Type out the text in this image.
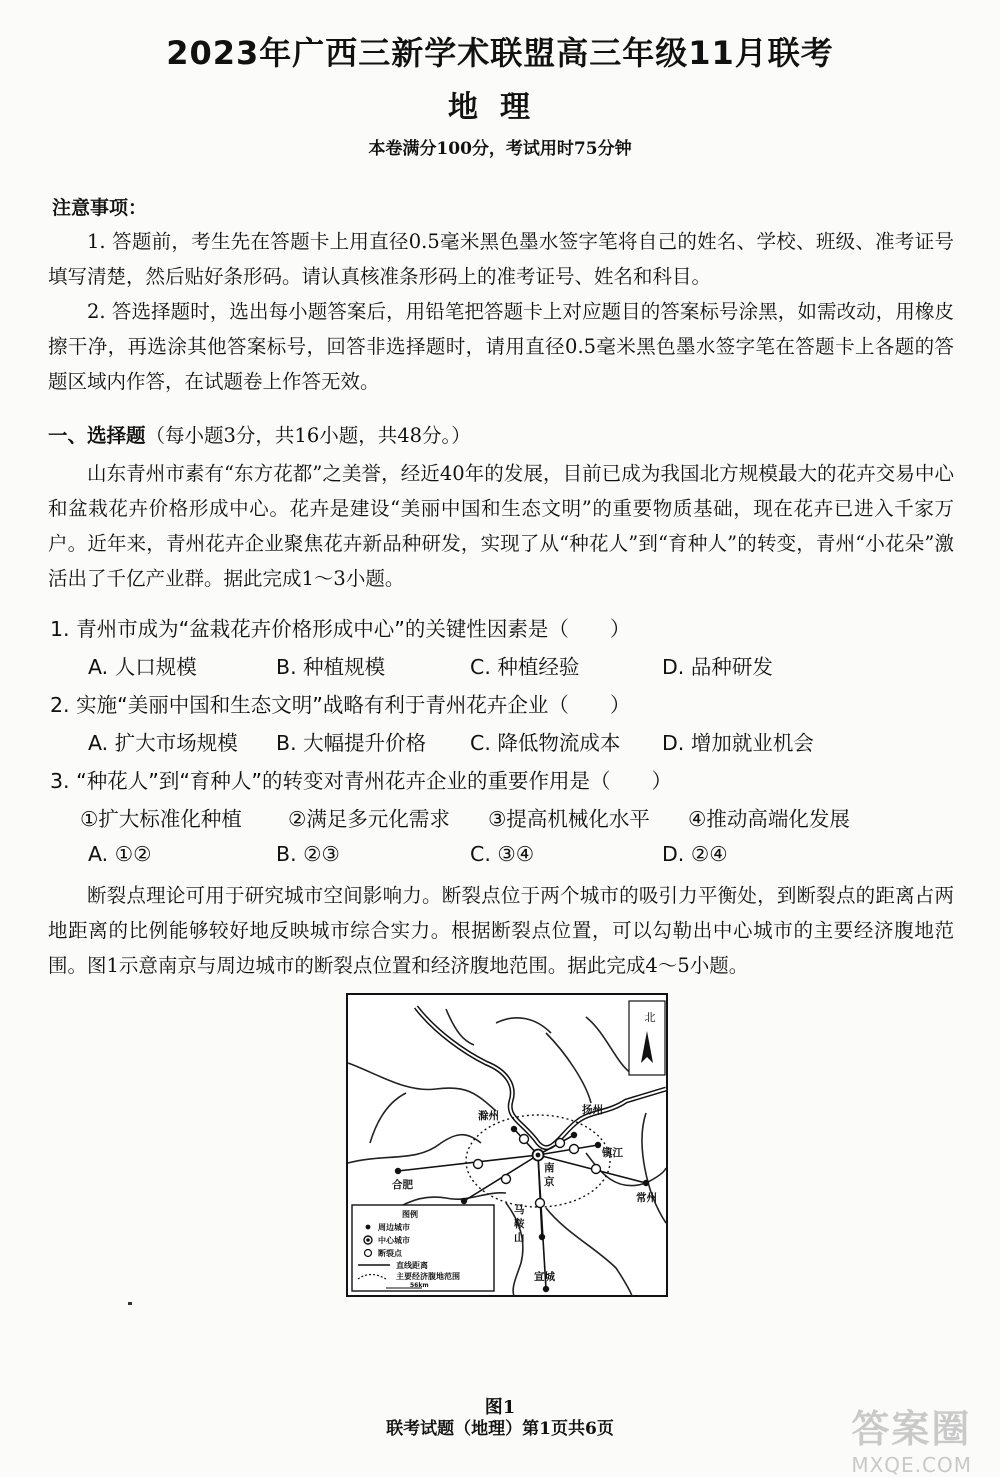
2023年广西三新学术联盟高三年级11月联考
地理
本卷满分100分，考试用时75分钟
注意事项：
1. 答题前，考生先在答题卡上用直径0.5毫米黑色墨水签字笔将自己的姓名、学校、班级、准考证号填写清楚，然后贴好条形码。请认真核准条形码上的准考证号、姓名和科目。
2. 答选择题时，选出每小题答案后，用铅笔把答题卡上对应题目的答案标号涂黑，如需改动，用橡皮擦干净，再选涂其他答案标号，回答非选择题时，请用直径0.5毫米黑色墨水签字笔在答题卡上各题的答题区域内作答，在试题卷上作答无效。
一、选择题（每小题3分，共16小题，共48分。）
山东青州市素有“东方花都”之美誉，经近40年的发展，目前已成为我国北方规模最大的花卉交易中心和盆栽花卉价格形成中心。花卉是建设“美丽中国和生态文明”的重要物质基础，现在花卉已进入千家万户。近年来，青州花卉企业聚焦花卉新品种研发，实现了从“种花人”到“育种人”的转变，青州“小花朵”激活出了千亿产业群。据此完成1～3小题。
1. 青州市成为“盆栽花卉价格形成中心”的关键性因素是（　　）
A. 人口规模	B. 种植规模	C. 种植经验	D. 品种研发
2. 实施“美丽中国和生态文明”战略有利于青州花卉企业（　　）
A. 扩大市场规模 B. 大幅提升价格 C. 降低物流成本 D. 增加就业机会
3. “种花人”到“育种人”的转变对青州花卉企业的重要作用是（　　）
①扩大标准化种植 ②满足多元化需求 ③提高机械化水平 ④推动高端化发展
A. ①②	B. ②③	C. ③④	D. ②④
断裂点理论可用于研究城市空间影响力。断裂点位于两个城市的吸引力平衡处，到断裂点的距离占两地距离的比例能够较好地反映城市综合实力。根据断裂点位置，可以勾勒出中心城市的主要经济腹地范围。图1示意南京与周边城市的断裂点位置和经济腹地范围。据此完成4～5小题。
北
滁州	扬州
镇江
合肥
常州
宣城
南
京
马
鞍
山
图例
周边城市
中心城市
断裂点
直线距离
主要经济腹地范围
56km
图1
联考试题（地理）第1页共6页	答案圈
MXQE.COM
